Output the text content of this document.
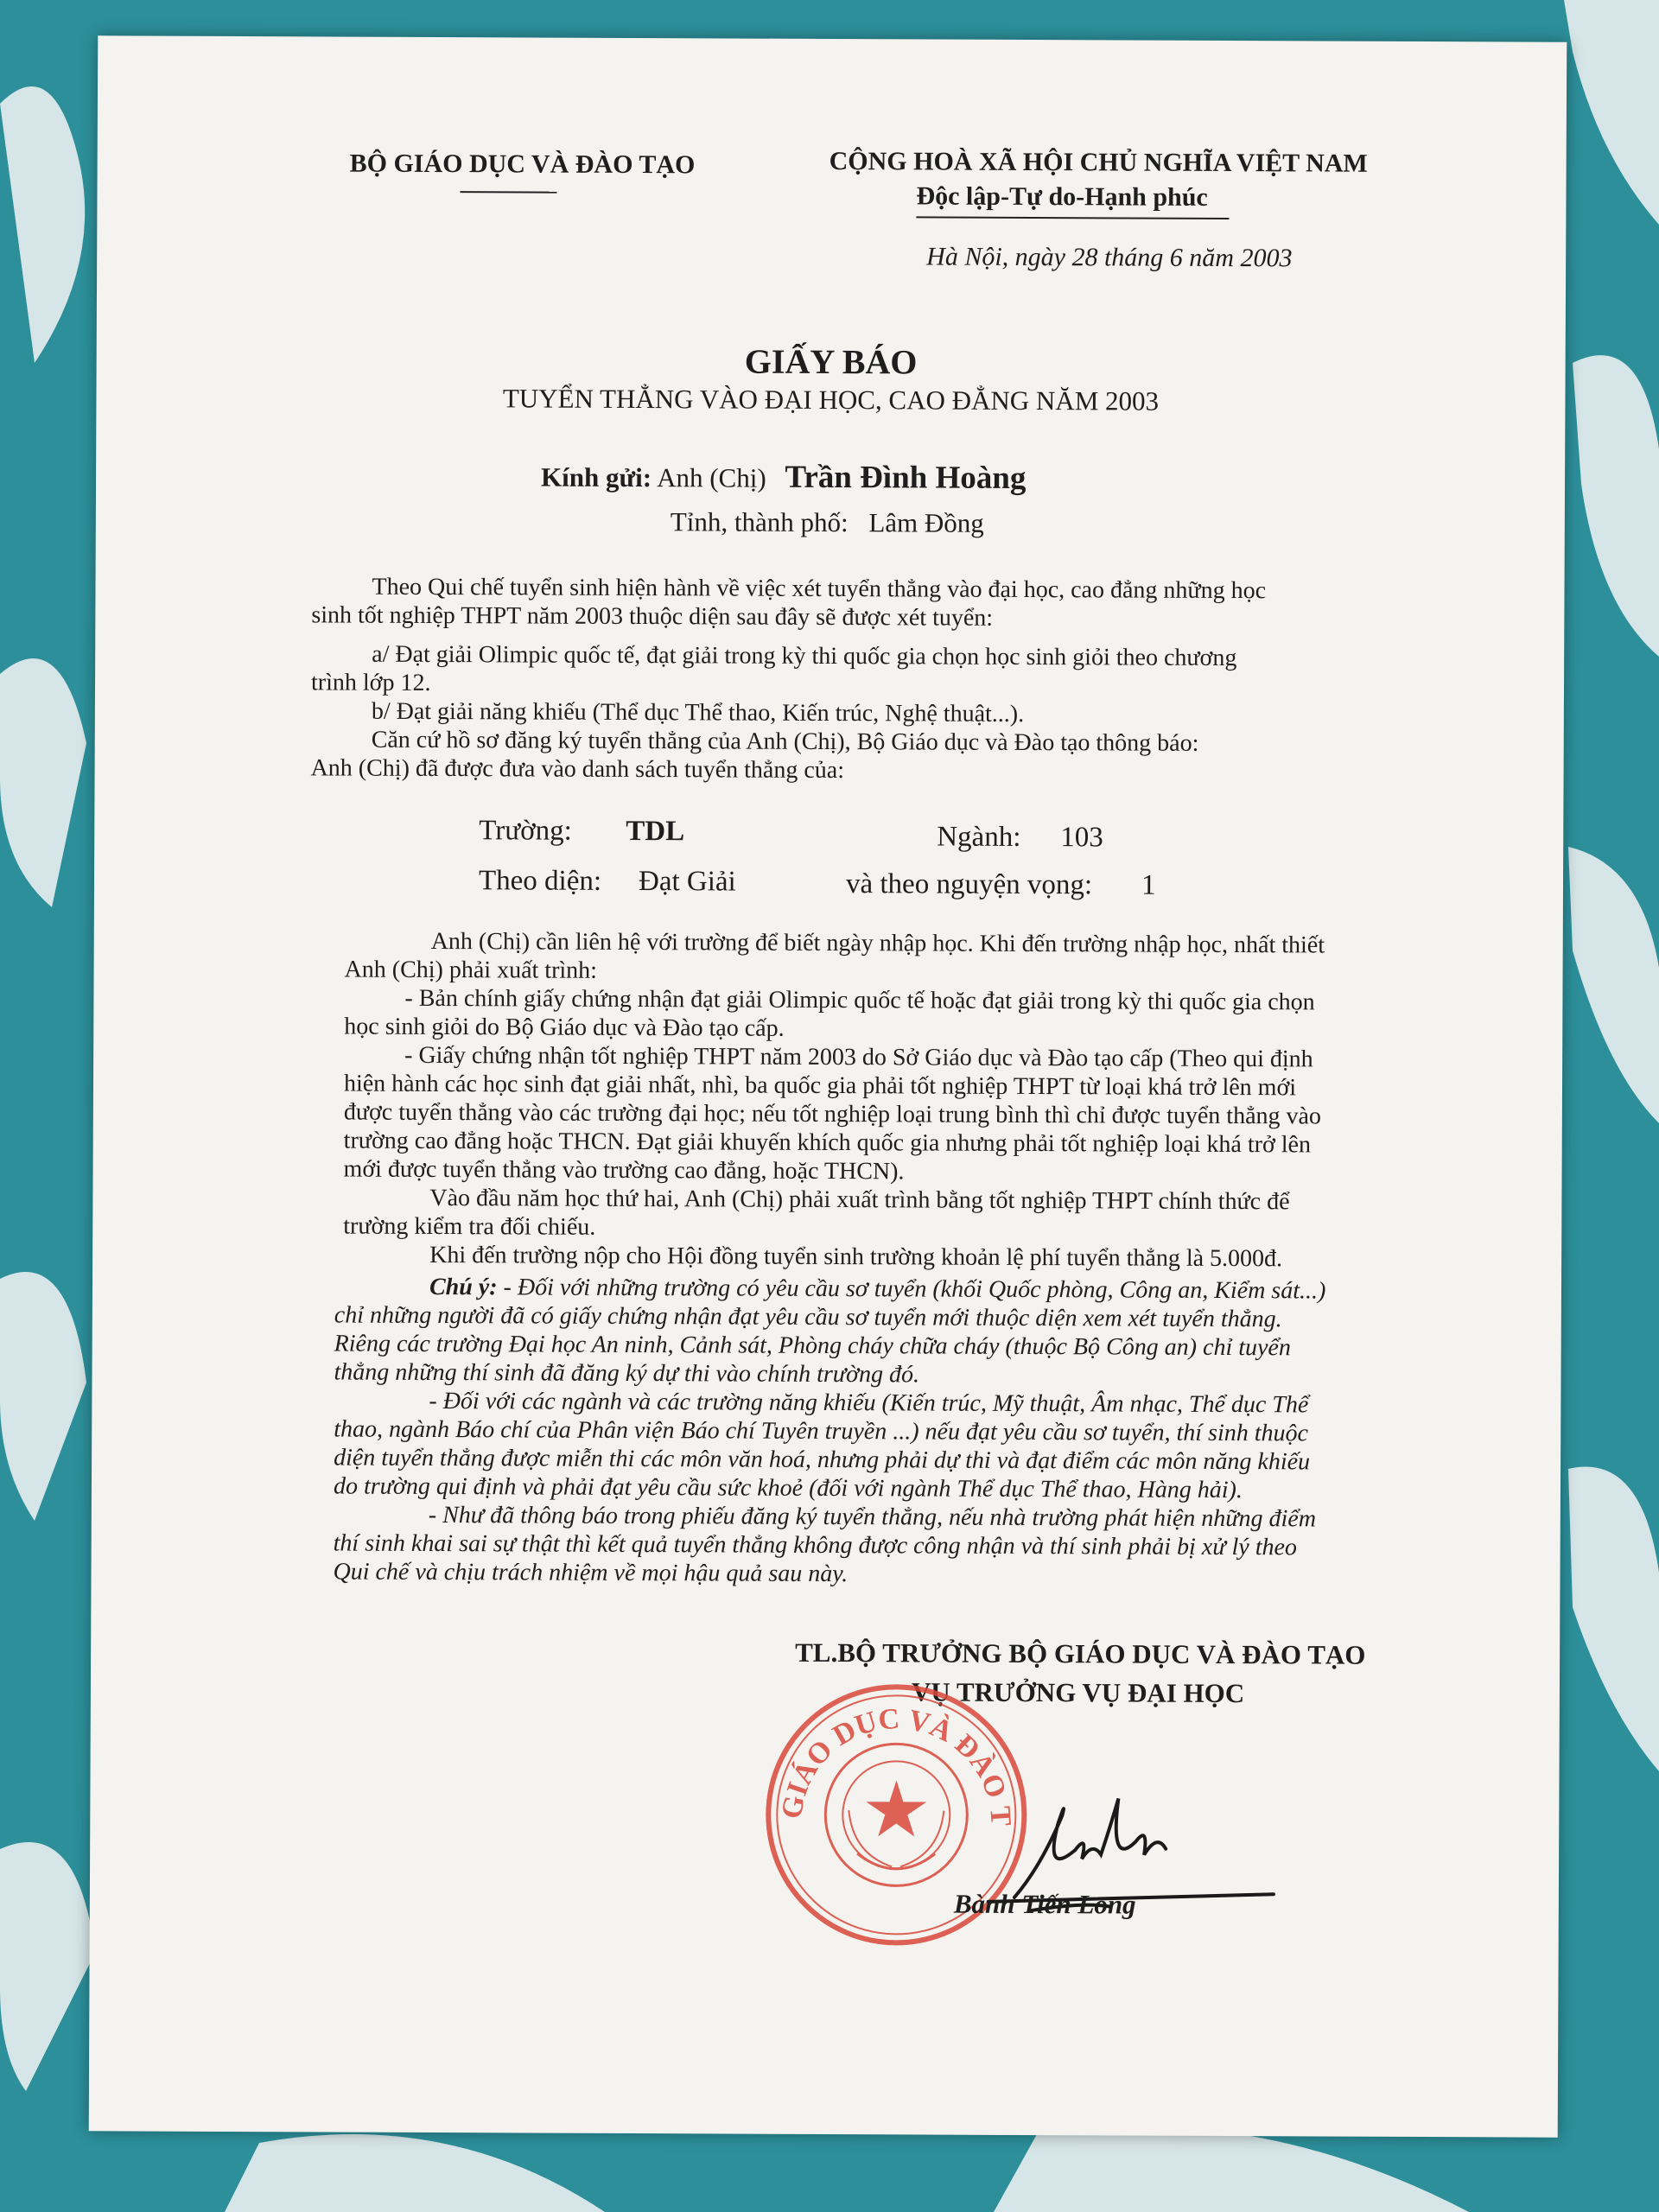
BỘ GIÁO DỤC VÀ ĐÀO TẠO	CỘNG HOÀ XÃ HỘI CHỦ NGHĨA VIỆT NAM
Độc lập-Tự do-Hạnh phúc
Hà Nội, ngày 28 tháng 6 năm 2003
GIẤY BÁO
TUYỂN THẲNG VÀO ĐẠI HỌC, CAO ĐẲNG NĂM 2003
Kính gửi: Anh (Chị) Trần Đình Hoàng
Tỉnh, thành phố: Lâm Đồng
Theo Qui chế tuyển sinh hiện hành về việc xét tuyển thẳng vào đại học, cao đẳng những học
sinh tốt nghiệp THPT năm 2003 thuộc diện sau đây sẽ được xét tuyển:
a/ Đạt giải Olimpic quốc tế, đạt giải trong kỳ thi quốc gia chọn học sinh giỏi theo chương
trình lớp 12.
b/ Đạt giải năng khiếu (Thể dục Thể thao, Kiến trúc, Nghệ thuật...).
Căn cứ hồ sơ đăng ký tuyển thẳng của Anh (Chị), Bộ Giáo dục và Đào tạo thông báo:
Anh (Chị) đã được đưa vào danh sách tuyển thẳng của:
Trường: TDL	Ngành: 103
Theo diện: Đạt Giải	và theo nguyện vọng: 1
Anh (Chị) cần liên hệ với trường để biết ngày nhập học. Khi đến trường nhập học, nhất thiết
Anh (Chị) phải xuất trình:
- Bản chính giấy chứng nhận đạt giải Olimpic quốc tế hoặc đạt giải trong kỳ thi quốc gia chọn
học sinh giỏi do Bộ Giáo dục và Đào tạo cấp.
- Giấy chứng nhận tốt nghiệp THPT năm 2003 do Sở Giáo dục và Đào tạo cấp (Theo qui định
hiện hành các học sinh đạt giải nhất, nhì, ba quốc gia phải tốt nghiệp THPT từ loại khá trở lên mới
được tuyển thẳng vào các trường đại học; nếu tốt nghiệp loại trung bình thì chỉ được tuyển thẳng vào
trường cao đẳng hoặc THCN. Đạt giải khuyến khích quốc gia nhưng phải tốt nghiệp loại khá trở lên
mới được tuyển thẳng vào trường cao đẳng, hoặc THCN).
Vào đầu năm học thứ hai, Anh (Chị) phải xuất trình bằng tốt nghiệp THPT chính thức để
trường kiểm tra đối chiếu.
Khi đến trường nộp cho Hội đồng tuyển sinh trường khoản lệ phí tuyển thẳng là 5.000đ.
Chú ý: - Đối với những trường có yêu cầu sơ tuyển (khối Quốc phòng, Công an, Kiểm sát...)
chỉ những người đã có giấy chứng nhận đạt yêu cầu sơ tuyển mới thuộc diện xem xét tuyển thẳng.
Riêng các trường Đại học An ninh, Cảnh sát, Phòng cháy chữa cháy (thuộc Bộ Công an) chỉ tuyển
thẳng những thí sinh đã đăng ký dự thi vào chính trường đó.
- Đối với các ngành và các trường năng khiếu (Kiến trúc, Mỹ thuật, Âm nhạc, Thể dục Thể
thao, ngành Báo chí của Phân viện Báo chí Tuyên truyền ...) nếu đạt yêu cầu sơ tuyển, thí sinh thuộc
diện tuyển thẳng được miễn thi các môn văn hoá, nhưng phải dự thi và đạt điểm các môn năng khiếu
do trường qui định và phải đạt yêu cầu sức khoẻ (đối với ngành Thể dục Thể thao, Hàng hải).
- Như đã thông báo trong phiếu đăng ký tuyển thẳng, nếu nhà trường phát hiện những điểm
thí sinh khai sai sự thật thì kết quả tuyển thẳng không được công nhận và thí sinh phải bị xử lý theo
Qui chế và chịu trách nhiệm về mọi hậu quả sau này.
TL.BỘ TRƯỞNG BỘ GIÁO DỤC VÀ ĐÀO TẠO
VỤ TRƯỞNG VỤ ĐẠI HỌC
GIÁO DỤC VÀ ĐÀO TẠO
Bành Tiến Long
